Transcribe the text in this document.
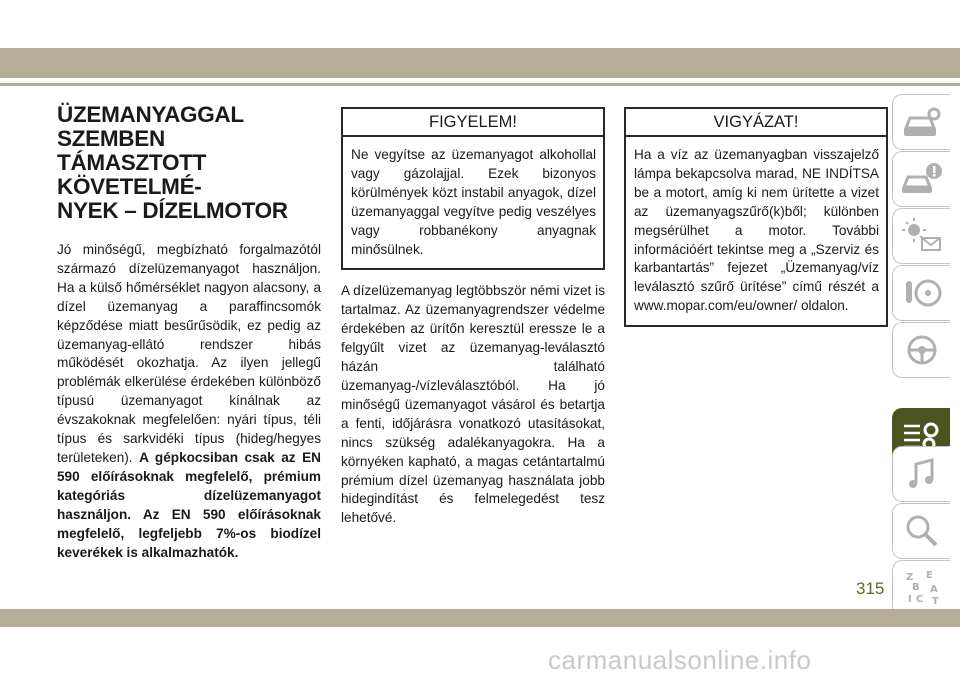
ÜZEMANYAGGAL SZEMBEN
TÁMASZTOTT KÖVETELMÉ-
NYEK – DÍZELMOTOR

Jó minőségű, megbízható forgalmazótól származó dízelüzemanyagot használjon. Ha a külső hőmérséklet nagyon alacsony, a dízel üzemanyag a paraffincsomók képződése miatt besűrűsödik, ez pedig az üzemanyag-ellátó rendszer hibás működését okozhatja. Az ilyen jellegű problémák elkerülése érdekében különböző típusú üzemanyagot kínálnak az évszakoknak megfelelően: nyári típus, téli típus és sarkvidéki típus (hideg/hegyes területeken). A gépkocsiban csak az EN 590 előírásoknak megfelelő, prémium kategóriás dízelüzemanyagot használjon. Az EN 590 előírásoknak megfelelő, legfeljebb 7%-os biodízel keverékek is alkalmazhatók.

FIGYELEM!
Ne vegyítse az üzemanyagot alkohollal vagy gázolajjal. Ezek bizonyos körülmények közt instabil anyagok, dízel üzemanyaggal vegyítve pedig veszélyes vagy robbanékony anyagnak minősülnek.

A dízelüzemanyag legtöbbször némi vizet is tartalmaz. Az üzemanyagrendszer védelme érdekében az ürítőn keresztül eressze le a felgyűlt vizet az üzemanyag-leválasztó házán található üzemanyag-/vízleválasztóból. Ha jó minőségű üzemanyagot vásárol és betartja a fenti, időjárásra vonatkozó utasításokat, nincs szükség adalékanyagokra. Ha a környéken kapható, a magas cetántartalmú prémium dízel üzemanyag használata jobb hidegindítást és felmelegedést tesz lehetővé.

VIGYÁZAT!
Ha a víz az üzemanyagban visszajelző lámpa bekapcsolva marad, NE INDÍTSA be a motort, amíg ki nem ürítette a vizet az üzemanyagszűrő(k)ből; különben megsérülhet a motor. További információért tekintse meg a „Szerviz és karbantartás” fejezet „Üzemanyag/víz leválasztó szűrő ürítése” című részét a www.mopar.com/eu/owner/ oldalon.
Z E
B A
I C T
315
carmanualsonline.info
